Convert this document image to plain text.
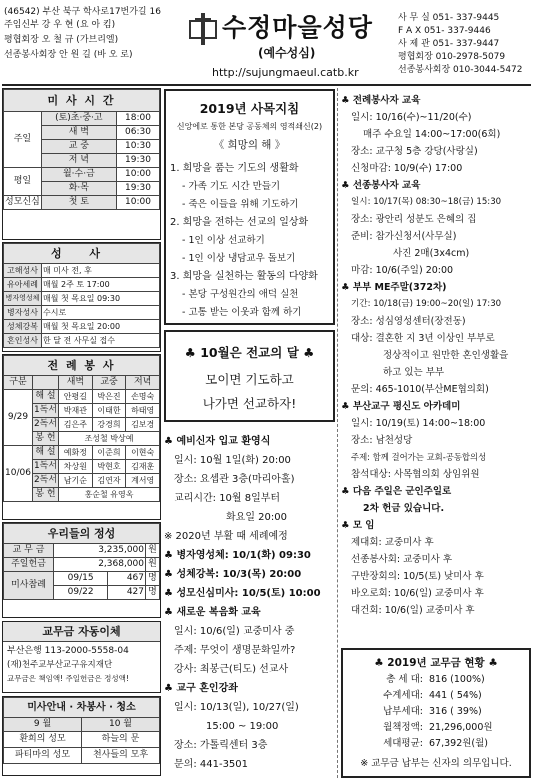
(46542) 부산 북구 학사로17번가길 16
주임신부 강 우 현 (요 아 킴)
평협회장 오 철 규 (가브리엘)
선종봉사회장 안 원 길 (바 오 로)
수정마을성당
(예수성심)
http://sujungmaeul.catb.kr
사 무 실 051- 337-9445
F A X 051- 337-9446
사 제 관 051- 337-9447
평협회장 010-2978-5079
선종봉사회장 010-3044-5472
미 사 시 간		
주일	(토)초·중·고	18:00
	새 벽	06:30
	교 중	10:30
	저 녁	19:30
평일	월·수·금	10:00
	화·목	19:30
성모신심	첫 토	10:00
성 사	
고해성사	매 미사 전, 후
유아세례	매월 2주 토 17:00
병자영성체	매월 첫 목요일 09:30
병자성사	수시로
성체강복	매월 첫 목요일 20:00
혼인성사	한 달 전 사무실 접수
전 례 봉 사				
구분		새벽	교중	저녁
9/29	해 설	안평길	박은진	손명숙
	1독서	박재관	이태한	하태영
	2독서	김은주	강경희	김보경
	봉 헌	조성철 박상예		
10/06	해 설	예화정	이준희	이현숙
	1독서	차상원	박현호	김재훈
	2독서	남기순	김연자	계서영
	봉 헌	홍순철 유영옥		
우리들의 정성			
교 무 금	3,235,000		원
주일헌금	2,368,000		원
미사참례	09/15	467	명
	09/22	427	명
교무금 자동이체
부산은행 113-2000-5558-04
(재)천주교부산교구유지재단
교무금은 책임액! 주일헌금은 정성액!
미사안내 · 차봉사 · 청소	
9 월	10 월
환희의 성모	하늘의 문
파티마의 성모	천사들의 모후
2019년 사목지침
신앙에로 통한 본당 공동체의 영적쇄신(2)
《 희망의 해 》
1. 희망을 품는 기도의 생활화
- 가족 기도 시간 만들기
- 죽은 이들을 위해 기도하기
2. 희망을 전하는 선교의 일상화
- 1인 이상 선교하기
- 1인 이상 냉담교우 돌보기
3. 희망을 실천하는 활동의 다양화
- 본당 구성원간의 애덕 실천
- 고통 받는 이웃과 함께 하기
♣ 10월은 전교의 달 ♣
모이면 기도하고
나가면 선교하자!
♣ 예비신자 입교 환영식
일시: 10월 1일(화) 20:00
장소: 요셉관 3층(마리아홀)
교리시간: 10월 8일부터
화요일 20:00
※ 2020년 부활 때 세례예정
♣ 병자영성체: 10/1(화) 09:30
♣ 성체강복: 10/3(목) 20:00
♣ 성모신심미사: 10/5(토) 10:00
♣ 새로운 복음화 교육
일시: 10/6(일) 교중미사 중
주제: 무엇이 생명문화일까?
강사: 최봉근(티도) 선교사
♣ 교구 혼인강좌
일시: 10/13(일), 10/27(일)
15:00 ~ 19:00
장소: 가톨릭센터 3층
문의: 441-3501
♣ 전례봉사자 교육
일시: 10/16(수)~11/20(수)
매주 수요일 14:00~17:00(6회)
장소: 교구청 5층 강당(사랑실)
신청마감: 10/9(수) 17:00
♣ 선종봉사자 교육
일시: 10/17(목) 08:30~18(금) 15:30
장소: 광안리 성분도 은혜의 집
준비: 참가신청서(사무실)
사진 2매(3x4cm)
마감: 10/6(주일) 20:00
♣ 부부 ME주말(372차)
기간: 10/18(금) 19:00~20(일) 17:30
장소: 성심영성센터(장전동)
대상: 결혼한 지 3년 이상인 부부로
정상적이고 원만한 혼인생활을
하고 있는 부부
문의: 465-1010(부산ME협의회)
♣ 부산교구 평신도 아카데미
일시: 10/19(토) 14:00~18:00
장소: 남천성당
주제: 함께 걸어가는 교회-공동합의성
참석대상: 사목협의회 상임위원
♣ 다음 주일은 군인주일로
2차 헌금 있습니다.
♣ 모 임
제대회: 교중미사 후
선종봉사회: 교중미사 후
구반장회의: 10/5(토) 낮미사 후
바오로회: 10/6(일) 교중미사 후
대건회: 10/6(일) 교중미사 후
♣ 2019년 교무금 현황 ♣
총 세 대: 816 (100%)
수계세대: 441 ( 54%)
납부세대: 316 ( 39%)
월책정액: 21,296,000원
세대평균: 67,392원(월)
※ 교무금 납부는 신자의 의무입니다.
